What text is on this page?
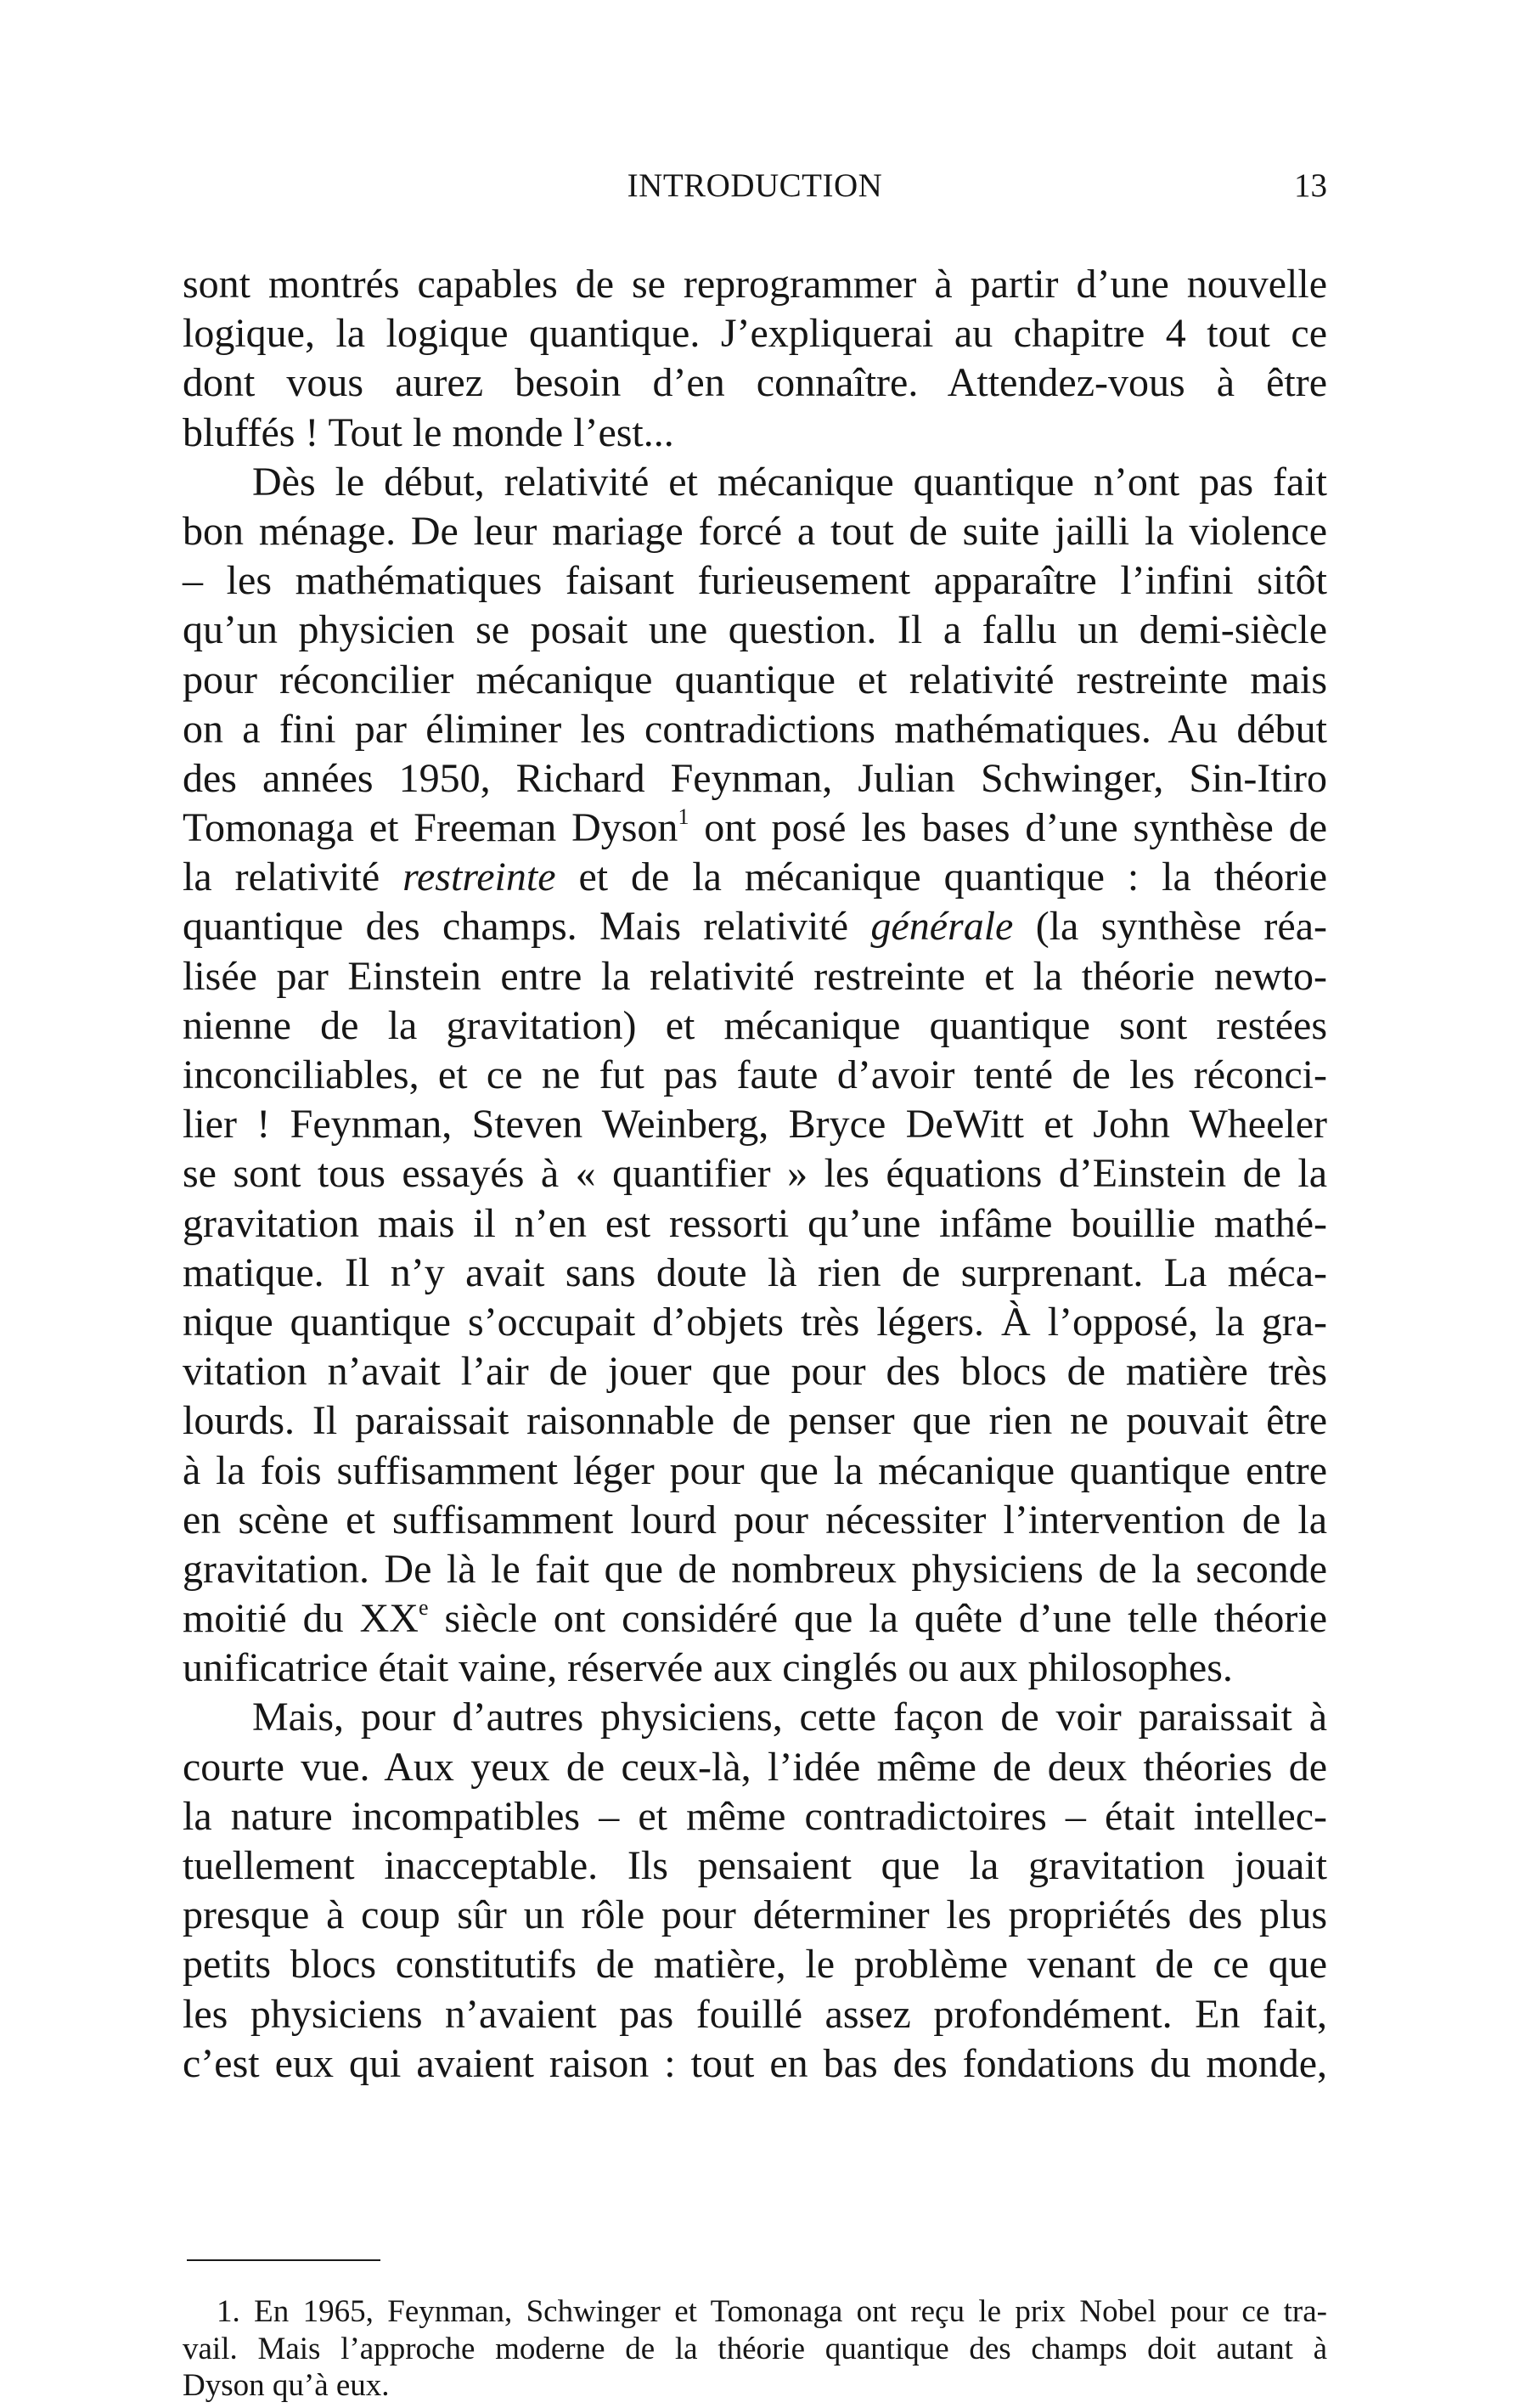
INTRODUCTION	13
sont montrés capables de se reprogrammer à partir d’une nouvelle
logique, la logique quantique. J’expliquerai au chapitre 4 tout ce
dont vous aurez besoin d’en connaître. Attendez-vous à être
bluffés ! Tout le monde l’est...
Dès le début, relativité et mécanique quantique n’ont pas fait
bon ménage. De leur mariage forcé a tout de suite jailli la violence
– les mathématiques faisant furieusement apparaître l’infini sitôt
qu’un physicien se posait une question. Il a fallu un demi-siècle
pour réconcilier mécanique quantique et relativité restreinte mais
on a fini par éliminer les contradictions mathématiques. Au début
des années 1950, Richard Feynman, Julian Schwinger, Sin-Itiro
Tomonaga et Freeman Dyson$^1$ ont posé les bases d’une synthèse de
la relativité restreinte et de la mécanique quantique : la théorie
quantique des champs. Mais relativité générale (la synthèse réa-
lisée par Einstein entre la relativité restreinte et la théorie newto-
nienne de la gravitation) et mécanique quantique sont restées
inconciliables, et ce ne fut pas faute d’avoir tenté de les réconci-
lier ! Feynman, Steven Weinberg, Bryce DeWitt et John Wheeler
se sont tous essayés à « quantifier » les équations d’Einstein de la
gravitation mais il n’en est ressorti qu’une infâme bouillie mathé-
matique. Il n’y avait sans doute là rien de surprenant. La méca-
nique quantique s’occupait d’objets très légers. À l’opposé, la gra-
vitation n’avait l’air de jouer que pour des blocs de matière très
lourds. Il paraissait raisonnable de penser que rien ne pouvait être
à la fois suffisamment léger pour que la mécanique quantique entre
en scène et suffisamment lourd pour nécessiter l’intervention de la
gravitation. De là le fait que de nombreux physiciens de la seconde
moitié du XXe siècle ont considéré que la quête d’une telle théorie
unificatrice était vaine, réservée aux cinglés ou aux philosophes.
Mais, pour d’autres physiciens, cette façon de voir paraissait à
courte vue. Aux yeux de ceux-là, l’idée même de deux théories de
la nature incompatibles – et même contradictoires – était intellec-
tuellement inacceptable. Ils pensaient que la gravitation jouait
presque à coup sûr un rôle pour déterminer les propriétés des plus
petits blocs constitutifs de matière, le problème venant de ce que
les physiciens n’avaient pas fouillé assez profondément. En fait,
c’est eux qui avaient raison : tout en bas des fondations du monde,
1. En 1965, Feynman, Schwinger et Tomonaga ont reçu le prix Nobel pour ce tra-
vail. Mais l’approche moderne de la théorie quantique des champs doit autant à
Dyson qu’à eux.
